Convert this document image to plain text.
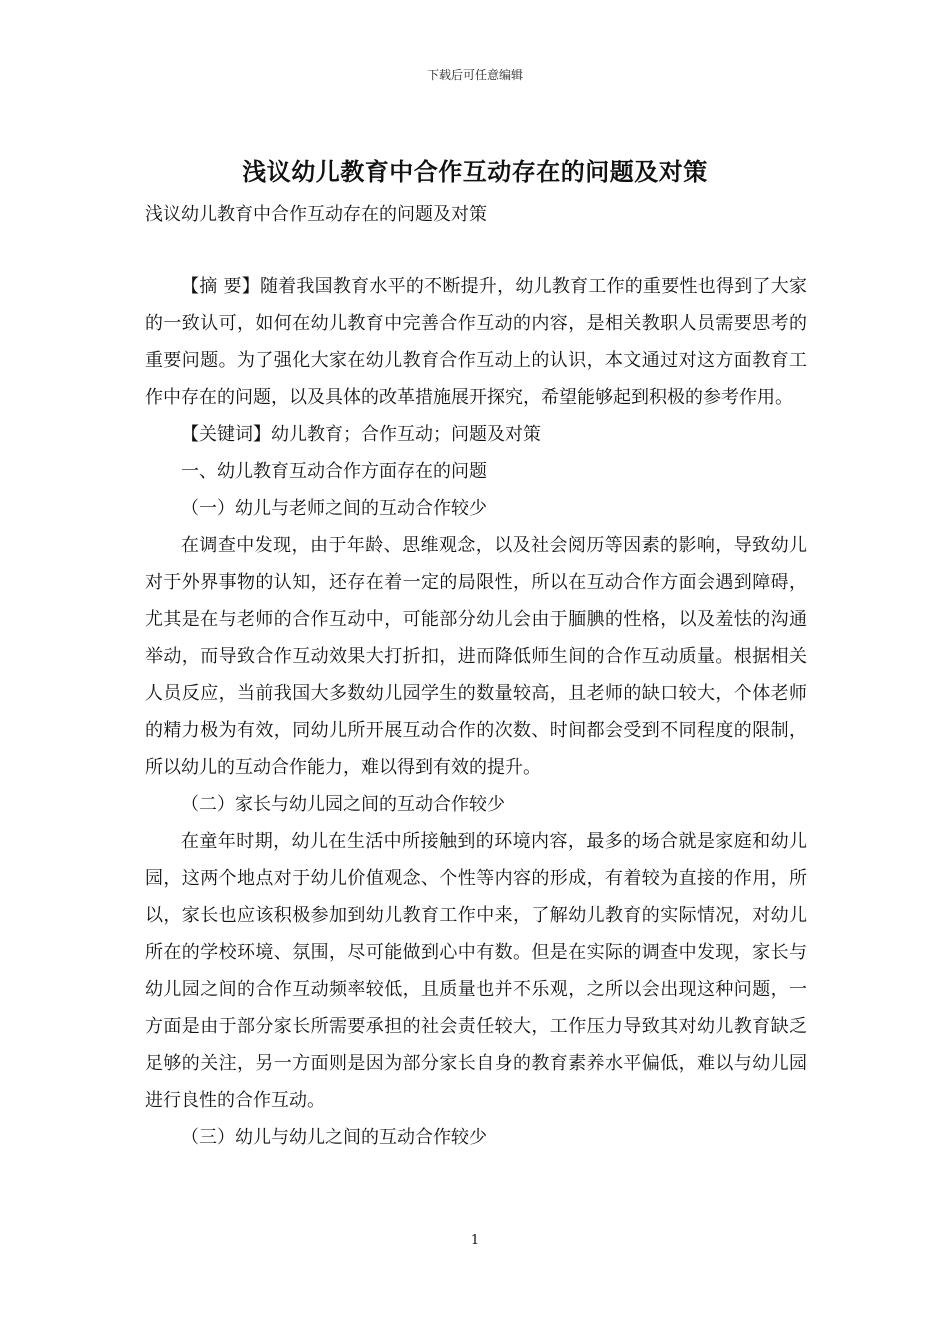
下载后可任意编辑
浅议幼儿教育中合作互动存在的问题及对策
浅议幼儿教育中合作互动存在的问题及对策

【摘 要】随着我国教育水平的不断提升，幼儿教育工作的重要性也得到了大家的一致认可，如何在幼儿教育中完善合作互动的内容，是相关教职人员需要思考的重要问题。为了强化大家在幼儿教育合作互动上的认识，本文通过对这方面教育工作中存在的问题，以及具体的改革措施展开探究，希望能够起到积极的参考作用。

【关键词】幼儿教育；合作互动；问题及对策

一、幼儿教育互动合作方面存在的问题

（一）幼儿与老师之间的互动合作较少

在调查中发现，由于年龄、思维观念，以及社会阅历等因素的影响，导致幼儿对于外界事物的认知，还存在着一定的局限性，所以在互动合作方面会遇到障碍，尤其是在与老师的合作互动中，可能部分幼儿会由于腼腆的性格，以及羞怯的沟通举动，而导致合作互动效果大打折扣，进而降低师生间的合作互动质量。根据相关人员反应，当前我国大多数幼儿园学生的数量较高，且老师的缺口较大，个体老师的精力极为有效，同幼儿所开展互动合作的次数、时间都会受到不同程度的限制，所以幼儿的互动合作能力，难以得到有效的提升。

（二）家长与幼儿园之间的互动合作较少

在童年时期，幼儿在生活中所接触到的环境内容，最多的场合就是家庭和幼儿园，这两个地点对于幼儿价值观念、个性等内容的形成，有着较为直接的作用，所以，家长也应该积极参加到幼儿教育工作中来，了解幼儿教育的实际情况，对幼儿所在的学校环境、氛围，尽可能做到心中有数。但是在实际的调查中发现，家长与幼儿园之间的合作互动频率较低，且质量也并不乐观，之所以会出现这种问题，一方面是由于部分家长所需要承担的社会责任较大，工作压力导致其对幼儿教育缺乏足够的关注，另一方面则是因为部分家长自身的教育素养水平偏低，难以与幼儿园进行良性的合作互动。

（三）幼儿与幼儿之间的互动合作较少

1
